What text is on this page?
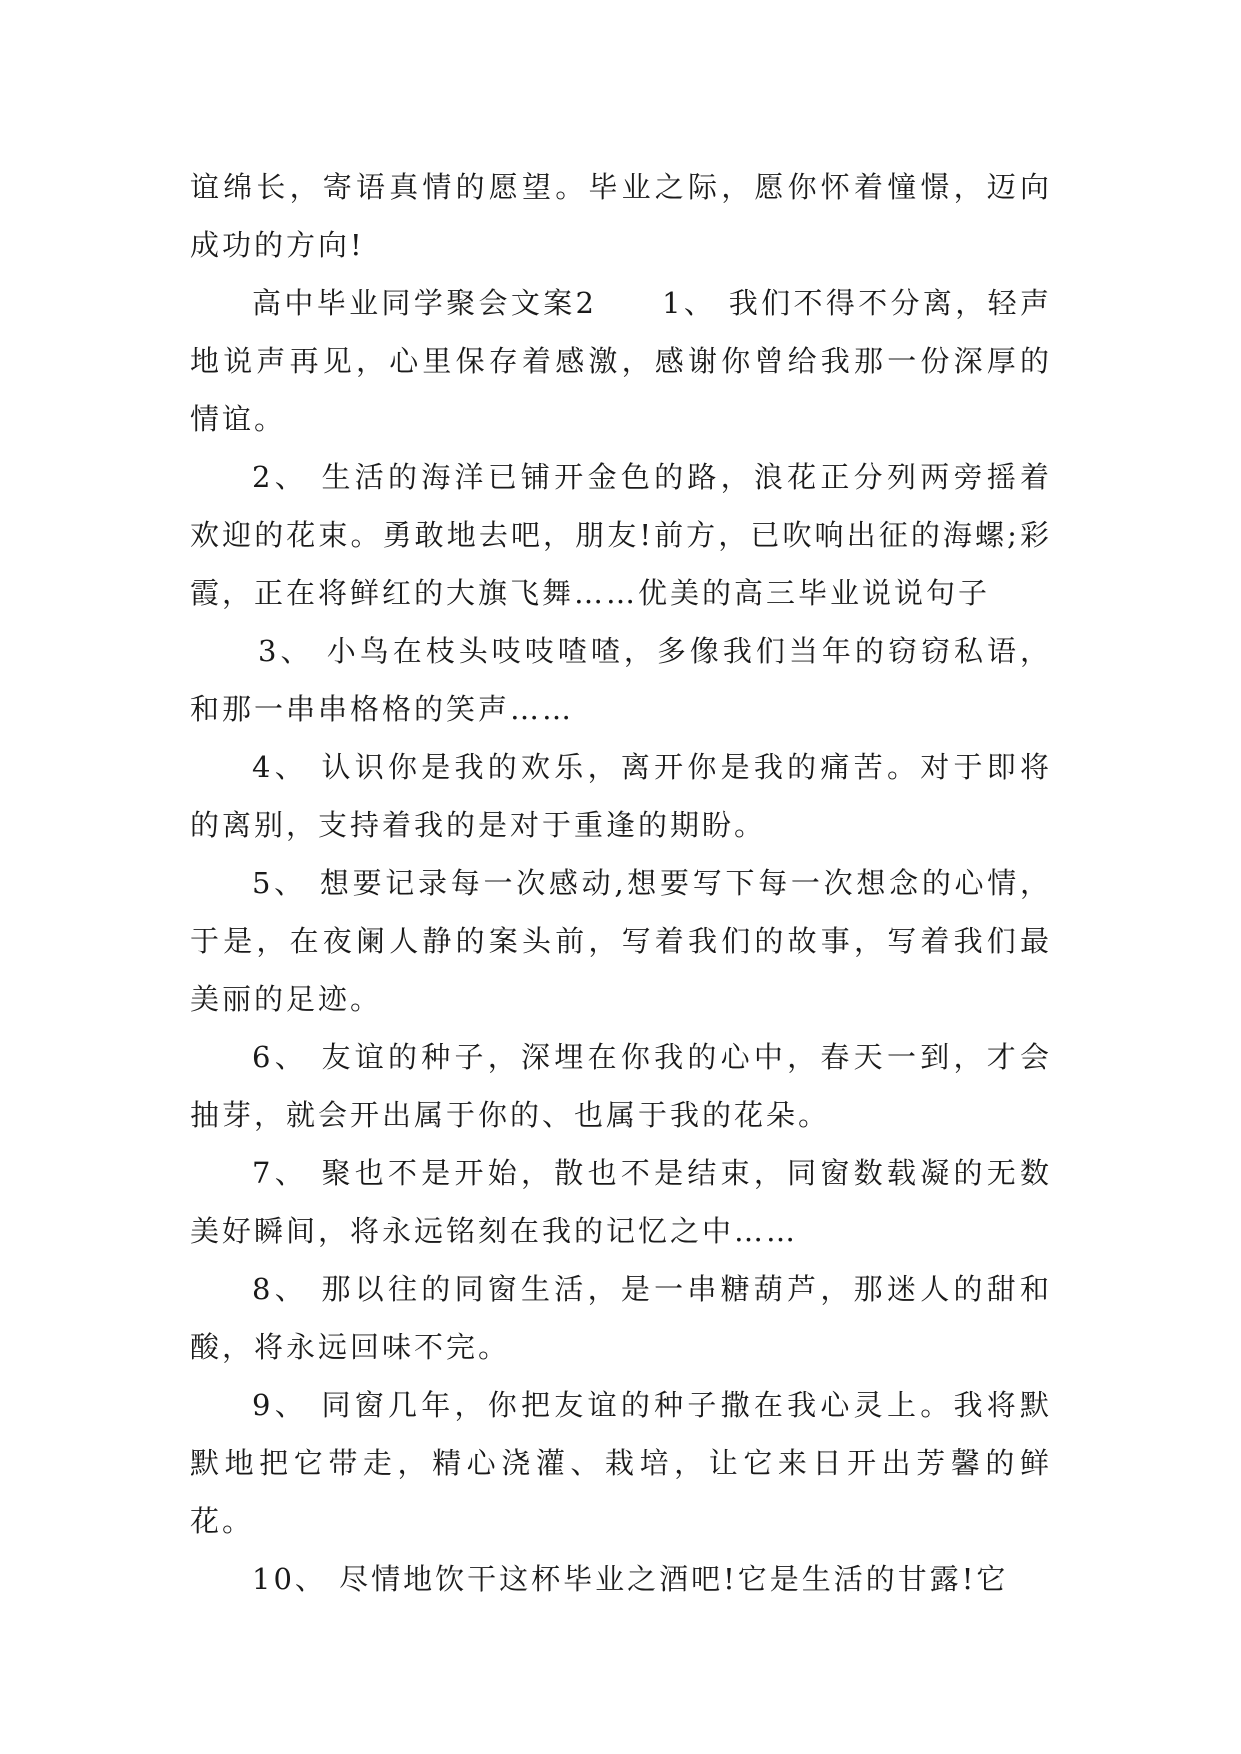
谊绵长，寄语真情的愿望。毕业之际，愿你怀着憧憬，迈向成功的方向!

高中毕业同学聚会文案2　　1、 我们不得不分离，轻声地说声再见，心里保存着感激，感谢你曾给我那一份深厚的情谊。

2、 生活的海洋已铺开金色的路，浪花正分列两旁摇着欢迎的花束。勇敢地去吧，朋友!前方，已吹响出征的海螺;彩霞，正在将鲜红的大旗飞舞……优美的高三毕业说说句子

3、 小鸟在枝头吱吱喳喳，多像我们当年的窃窃私语，和那一串串格格的笑声……

4、 认识你是我的欢乐，离开你是我的痛苦。对于即将的离别，支持着我的是对于重逢的期盼。

5、 想要记录每一次感动,想要写下每一次想念的心情，于是，在夜阑人静的案头前，写着我们的故事，写着我们最美丽的足迹。

6、 友谊的种子，深埋在你我的心中，春天一到，才会抽芽，就会开出属于你的、也属于我的花朵。

7、 聚也不是开始，散也不是结束，同窗数载凝的无数美好瞬间，将永远铭刻在我的记忆之中……

8、 那以往的同窗生活，是一串糖葫芦，那迷人的甜和酸，将永远回味不完。

9、 同窗几年，你把友谊的种子撒在我心灵上。我将默默地把它带走，精心浇灌、栽培，让它来日开出芳馨的鲜花。

10、 尽情地饮干这杯毕业之酒吧!它是生活的甘露!它
